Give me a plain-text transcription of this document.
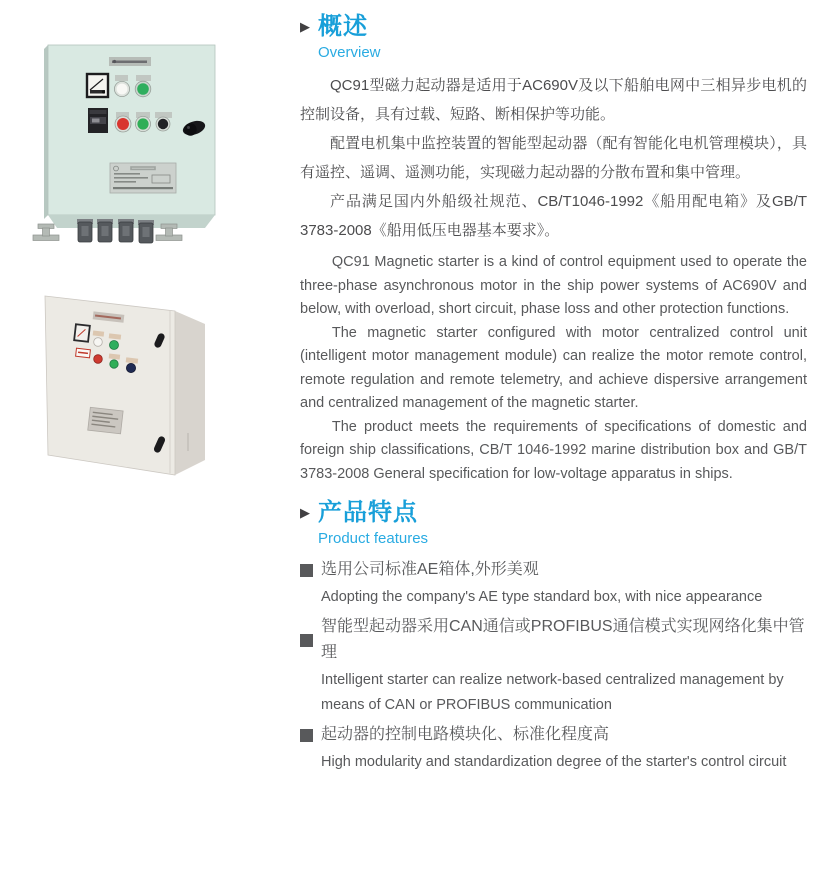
▶ 概述
Overview

QC91型磁力起动器是适用于AC690V及以下船舶电网中三相异步电机的控制设备，具有过载、短路、断相保护等功能。

配置电机集中监控装置的智能型起动器（配有智能化电机管理模块），具有遥控、遥调、遥测功能，实现磁力起动器的分散布置和集中管理。

产品满足国内外船级社规范、CB/T1046-1992《船用配电箱》及GB/T 3783-2008《船用低压电器基本要求》。

QC91 Magnetic starter is a kind of control equipment used to operate the three-phase asynchronous motor in the ship power systems of AC690V and below, with overload, short circuit, phase loss and other protection functions.

The magnetic starter configured with motor centralized control unit (intelligent motor management module) can realize the motor remote control, remote regulation and remote telemetry, and achieve dispersive arrangement and centralized management of the magnetic starter.

The product meets the requirements of specifications of domestic and foreign ship classifications, CB/T 1046-1992 marine distribution box and GB/T 3783-2008 General specification for low-voltage apparatus in ships.

▶ 产品特点
Product features
选用公司标准AE箱体,外形美观
Adopting the company's AE type standard box, with nice appearance
智能型起动器采用CAN通信或PROFIBUS通信模式实现网络化集中管理
Intelligent starter can realize network-based centralized management by means of CAN or PROFIBUS communication
起动器的控制电路模块化、标准化程度高
High modularity and standardization degree of the starter's control circuit
